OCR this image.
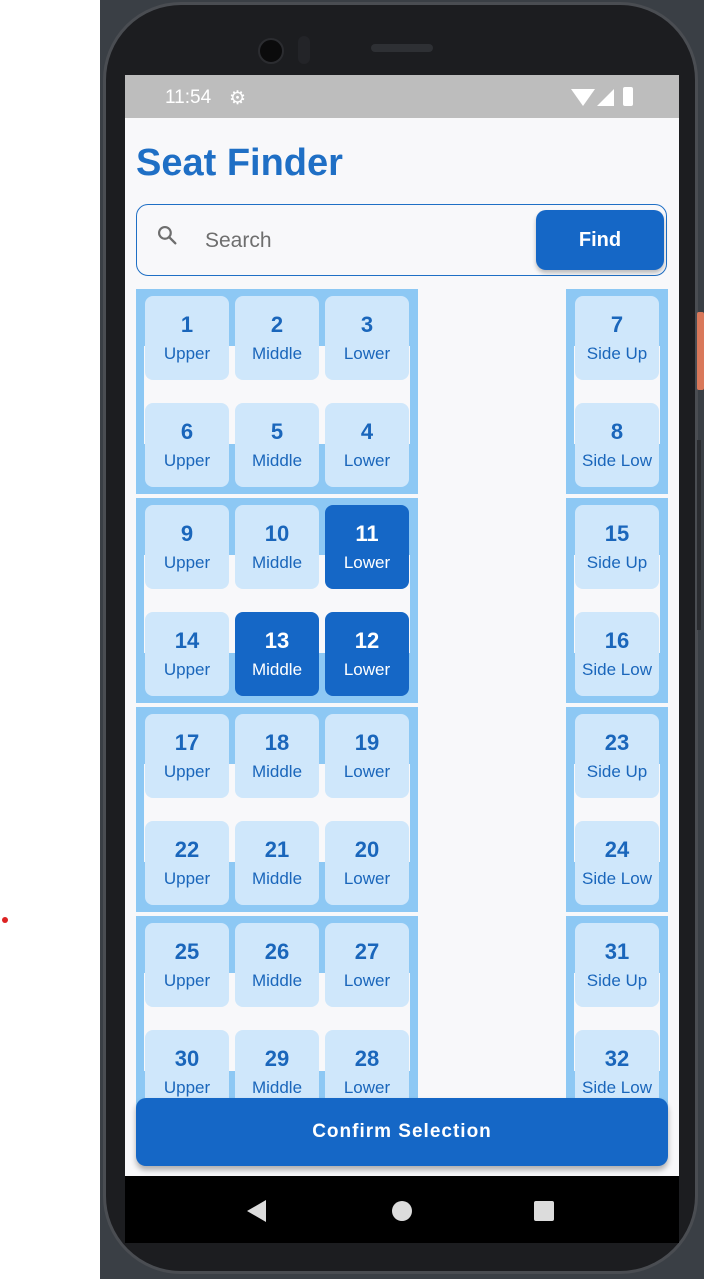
11:54 ⚙
Seat Finder
Search
Find
1
Upper
2
Middle
3
Lower
7
Side Up
6
Upper
5
Middle
4
Lower
8
Side Low
9
Upper
10
Middle
11
Lower
15
Side Up
14
Upper
13
Middle
12
Lower
16
Side Low
17
Upper
18
Middle
19
Lower
23
Side Up
22
Upper
21
Middle
20
Lower
24
Side Low
25
Upper
26
Middle
27
Lower
31
Side Up
30
Upper
29
Middle
28
Lower
32
Side Low
Confirm Selection
